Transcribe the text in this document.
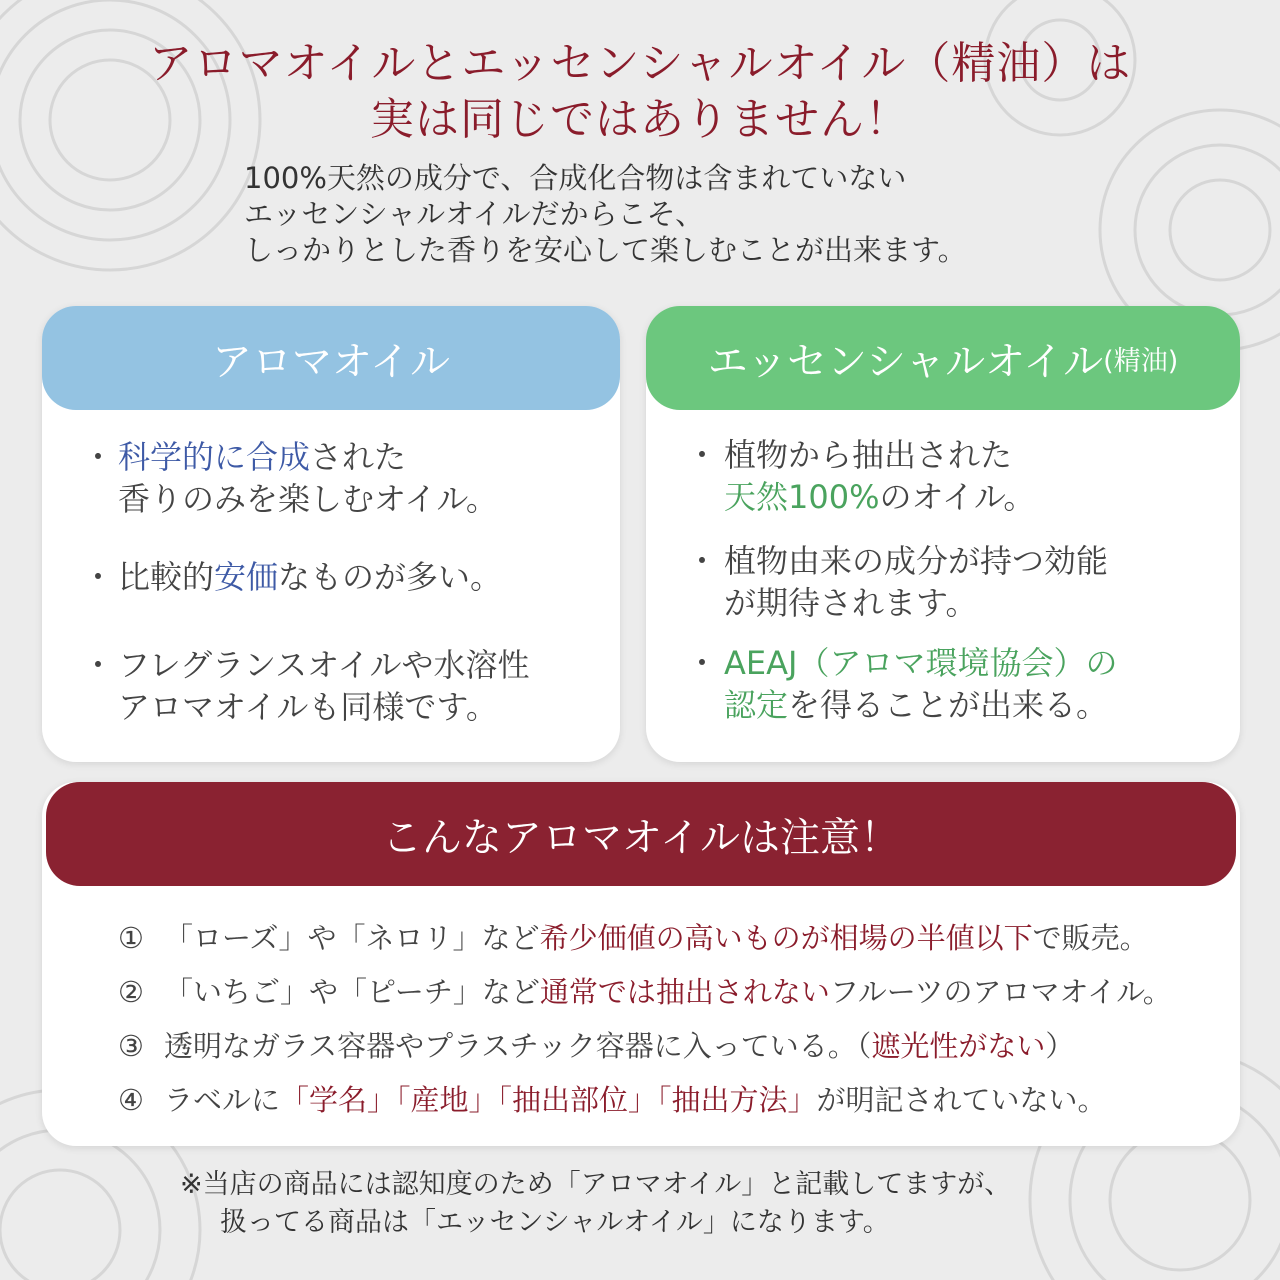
アロマオイルとエッセンシャルオイル（精油）は
実は同じではありません！
100%天然の成分で、合成化合物は含まれていない
エッセンシャルオイルだからこそ、
しっかりとした香りを安心して楽しむことが出来ます。
アロマオイル
・ 科学的に合成された
香りのみを楽しむオイル。
・ 比較的安価なものが多い。
・ フレグランスオイルや水溶性
アロマオイルも同様です。
エッセンシャルオイル (精油)
・ 植物から抽出された
天然100%のオイル。
・ 植物由来の成分が持つ効能
が期待されます。
・ AEAJ（アロマ環境協会）の
認定を得ることが出来る。
こんなアロマオイルは注意！
① 「ローズ」や「ネロリ」など希少価値の高いものが相場の半値以下で販売。
② 「いちご」や「ピーチ」など通常では抽出されないフルーツのアロマオイル。
③ 透明なガラス容器やプラスチック容器に入っている。（遮光性がない）
④ ラベルに「学名」「産地」「抽出部位」「抽出方法」が明記されていない。
※当店の商品には認知度のため「アロマオイル」と記載してますが、
扱ってる商品は「エッセンシャルオイル」になります。
